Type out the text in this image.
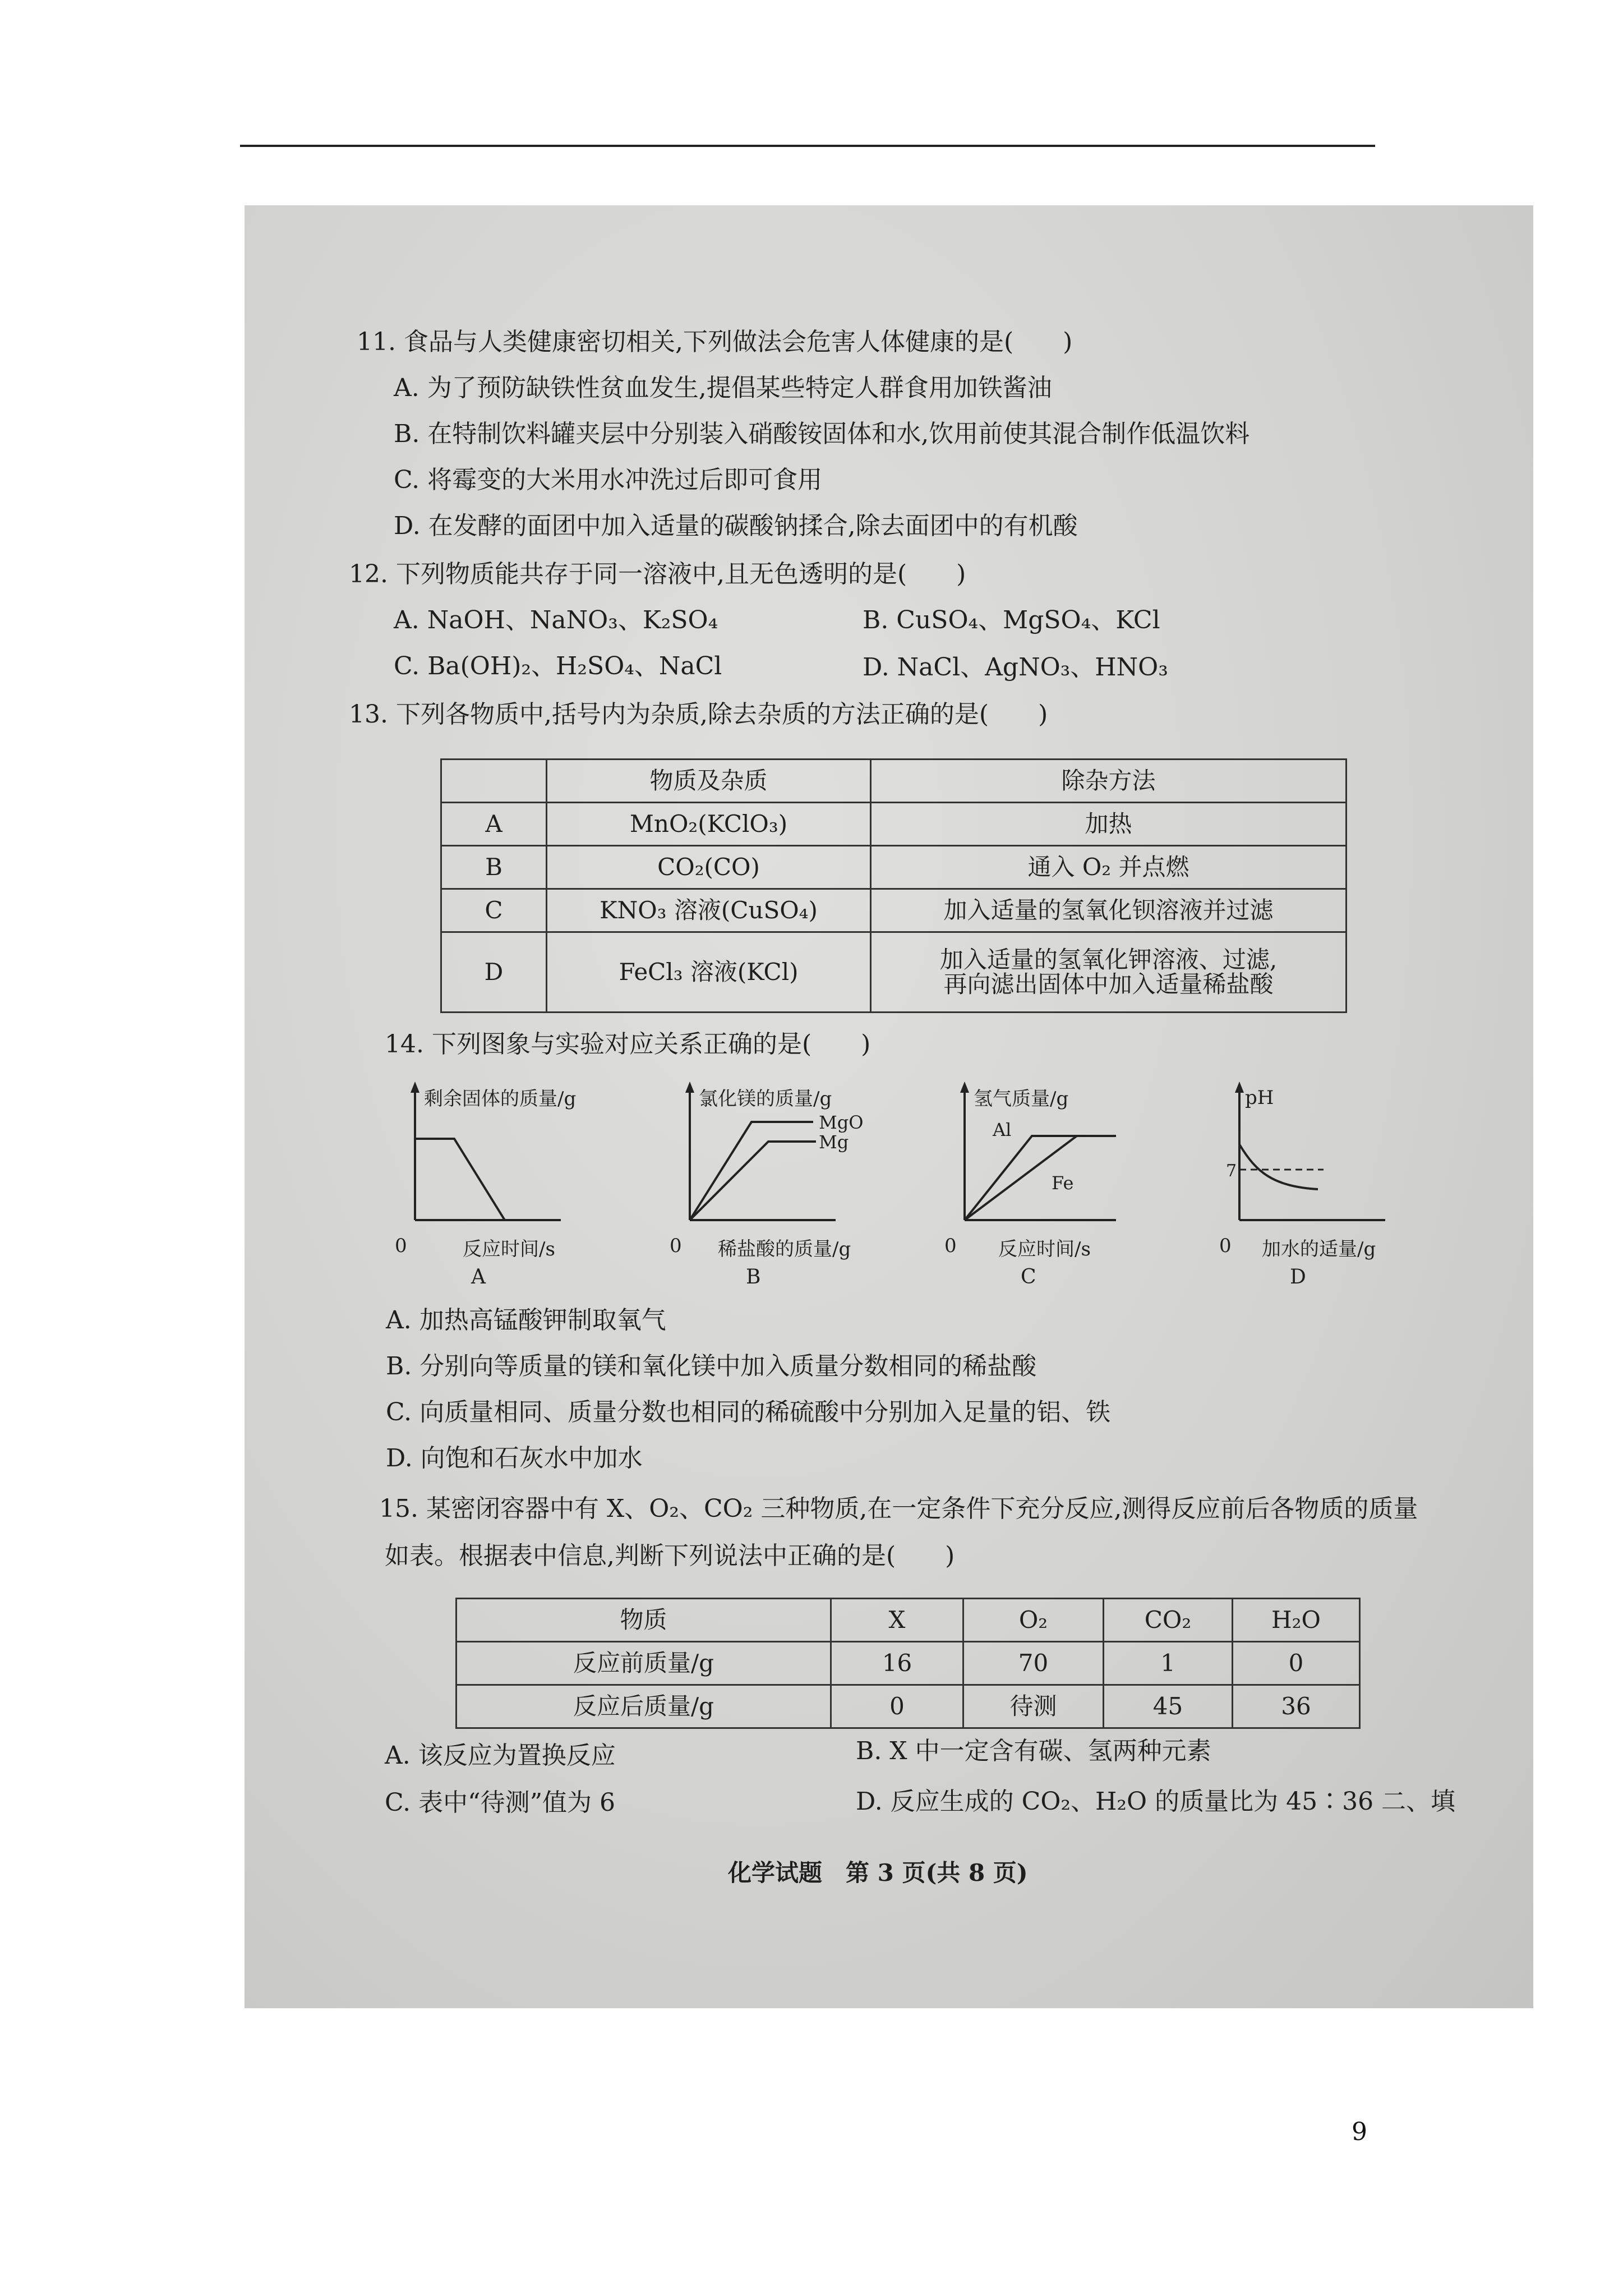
11. 食品与人类健康密切相关,下列做法会危害人体健康的是(　　)
A. 为了预防缺铁性贫血发生,提倡某些特定人群食用加铁酱油
B. 在特制饮料罐夹层中分别装入硝酸铵固体和水,饮用前使其混合制作低温饮料
C. 将霉变的大米用水冲洗过后即可食用
D. 在发酵的面团中加入适量的碳酸钠揉合,除去面团中的有机酸
12. 下列物质能共存于同一溶液中,且无色透明的是(　　)
A. NaOH、NaNO₃、K₂SO₄	B. CuSO₄、MgSO₄、KCl
C. Ba(OH)₂、H₂SO₄、NaCl	D. NaCl、AgNO₃、HNO₃
13. 下列各物质中,括号内为杂质,除去杂质的方法正确的是(　　)
	物质及杂质	除杂方法
A	MnO₂(KClO₃)	加热
B	CO₂(CO)	通入 O₂ 并点燃
C	KNO₃ 溶液(CuSO₄)	加入适量的氢氧化钡溶液并过滤
D	FeCl₃ 溶液(KCl)	加入适量的氢氧化钾溶液、过滤,
再向滤出固体中加入适量稀盐酸
14. 下列图象与实验对应关系正确的是(　　)
剩余固体的质量/g
0	反应时间/s
A
氯化镁的质量/g
MgO
Mg
0 稀盐酸的质量/g
B
氢气质量/g
Al
Fe
0 反应时间/s
C
pH
7
0 加水的适量/g
D
A. 加热高锰酸钾制取氧气
B. 分别向等质量的镁和氧化镁中加入质量分数相同的稀盐酸
C. 向质量相同、质量分数也相同的稀硫酸中分别加入足量的铝、铁
D. 向饱和石灰水中加水
15. 某密闭容器中有 X、O₂、CO₂ 三种物质,在一定条件下充分反应,测得反应前后各物质的质量
如表。根据表中信息,判断下列说法中正确的是(　　)
物质	X	O₂	CO₂	H₂O
反应前质量/g	16	70	1	0
反应后质量/g	0	待测	45	36
A. 该反应为置换反应	B. X 中一定含有碳、氢两种元素
C. 表中“待测”值为 6	D. 反应生成的 CO₂、H₂O 的质量比为 45∶36 二、填
化学试题　第 3 页(共 8 页)
9
